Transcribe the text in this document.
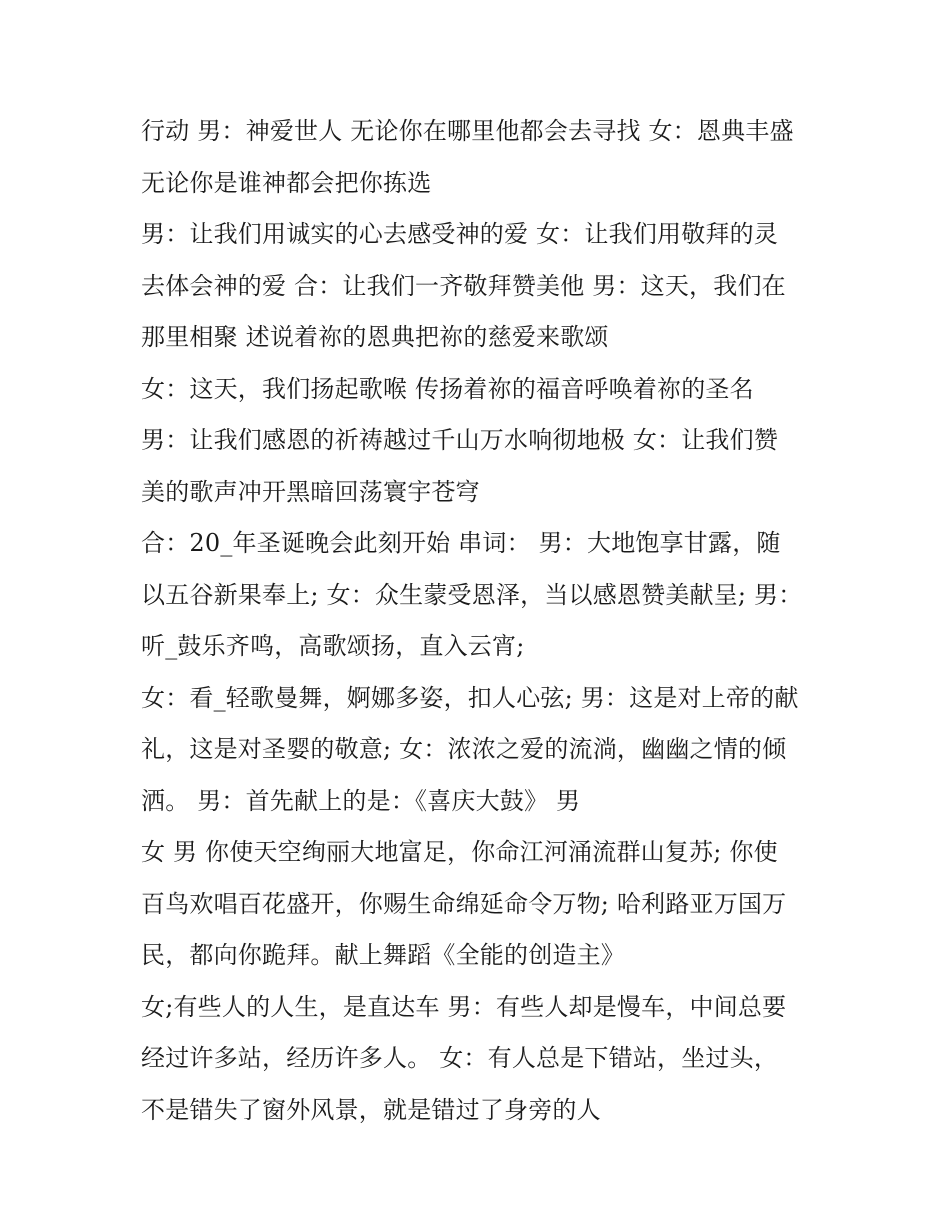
行动 男：神爱世人 无论你在哪里他都会去寻找 女：恩典丰盛
无论你是谁神都会把你拣选
男：让我们用诚实的心去感受神的爱 女：让我们用敬拜的灵
去体会神的爱 合：让我们一齐敬拜赞美他 男：这天，我们在
那里相聚 述说着祢的恩典把祢的慈爱来歌颂
女：这天，我们扬起歌喉 传扬着祢的福音呼唤着祢的圣名
男：让我们感恩的祈祷越过千山万水响彻地极 女：让我们赞
美的歌声冲开黑暗回荡寰宇苍穹
合：20_年圣诞晚会此刻开始 串词： 男：大地饱享甘露，随
以五谷新果奉上; 女：众生蒙受恩泽，当以感恩赞美献呈; 男：
听_鼓乐齐鸣，高歌颂扬，直入云宵;
女：看_轻歌曼舞，婀娜多姿，扣人心弦; 男：这是对上帝的献
礼，这是对圣婴的敬意; 女：浓浓之爱的流淌，幽幽之情的倾
洒。 男：首先献上的是：《喜庆大鼓》 男
女 男 你使天空绚丽大地富足，你命江河涌流群山复苏; 你使
百鸟欢唱百花盛开，你赐生命绵延命令万物; 哈利路亚万国万
民，都向你跪拜。献上舞蹈《全能的创造主》
女;有些人的人生，是直达车 男：有些人却是慢车，中间总要
经过许多站，经历许多人。 女：有人总是下错站，坐过头，
不是错失了窗外风景，就是错过了身旁的人
